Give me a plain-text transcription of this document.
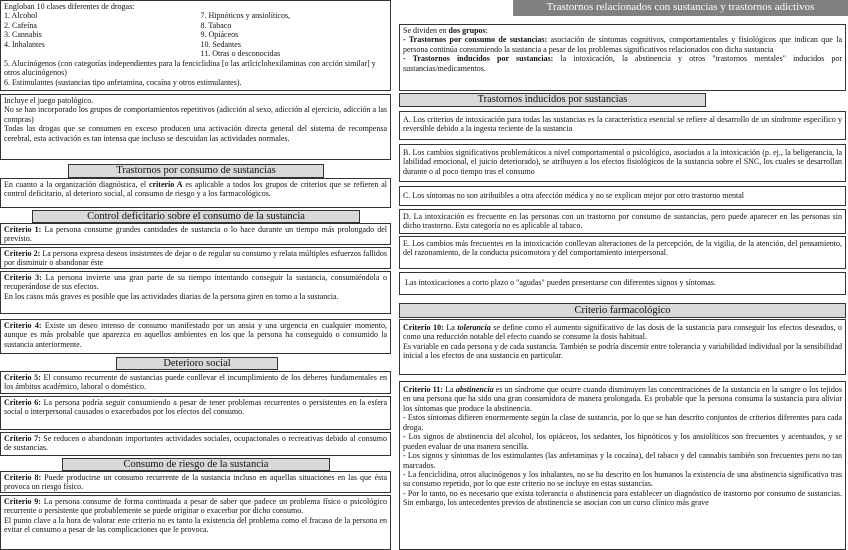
Engloban 10 clases diferentes de drogas:

1. Alcohol

2. Cafeína

3. Cannabis

4. Inhalantes

7. Hipnóticos y ansiolíticos,

8. Tabaco

9. Opiáceos

10. Sedantes

11. Otras o desconocidas

5. Alucinógenos (con categorías independientes para la fenciclidina [o las arilciclohexilaminas con acción similar] y otros alucinógenos)

6. Estimulantes (sustancias tipo anfetamina, cocaína y otros estimulantes).

Incluye el juego patológico.

No se han incorporado los grupos de comportamientos repetitivos (adicción al sexo, adicción al ejercicio, adicción a las compras)

Todas las drogas que se consumen en exceso producen una activación directa general del sistema de recompensa cerebral, esta activación es tan intensa que incluso se descuidan las actividades normales.

Trastornos por consumo de sustancias

En cuanto a la organización diagnóstica, el criterio A es aplicable a todos los grupos de criterios que se refieren al control deficitario, al deterioro social, al consumo de riesgo y a los farmacológicos.

Control deficitario sobre el consumo de la sustancia

Criterio 1: La persona consume grandes cantidades de sustancia o lo hace durante un tiempo más prolongado del previsto.

Criterio 2: La persona expresa deseos insistentes de dejar o de regular su consumo y relata múltiples esfuerzos fallidos por disminuir o abandonar éste

Criterio 3: La persona invierte una gran parte de su tiempo intentando conseguir la sustancia, consumiéndola o recuperándose de sus efectos.

En los casos más graves es posible que las actividades diarias de la persona giren en torno a la sustancia.

Criterio 4: Existe un deseo intenso de consumo manifestado por un ansia y una urgencia en cualquier momento, aunque es más probable que aparezca en aquellos ambientes en los que la persona ha conseguido o consumido la sustancia anteriormente.

Deterioro social

Criterio 5: El consumo recurrente de sustancias puede conllevar el incumplimiento de los deberes fundamentales en los ámbitos académico, laboral o doméstico.

Criterio 6: La persona podría seguir consumiendo a pesar de tener problemas recurrentes o persistentes en la esfera social o interpersonal causados o exacerbados por los efectos del consumo.

Criterio 7: Se reducen o abandonan importantes actividades sociales, ocupacionales o recreativas debido al consumo de sustancias.

Consumo de riesgo de la sustancia

Criterio 8: Puede producirse un consumo recurrente de la sustancia incluso en aquellas situaciones en las que ésta provoca un riesgo físico.

Criterio 9: La persona consume de forma continuada a pesar de saber que padece un problema físico o psicológico recurrente o persistente que probablemente se puede originar o exacerbar por dicho consumo.

El punto clave a la hora de valorar este criterio no es tanto la existencia del problema como el fracaso de la persona en evitar el consumo a pesar de las complicaciones que le provoca.

Trastornos relacionados con sustancias y trastornos adictivos

Se dividen en dos grupos:

- Trastornos por consumo de sustancias: asociación de síntomas cognitivos, comportamentales y fisiológicos que indican que la persona continúa consumiendo la sustancia a pesar de los problemas significativos relacionados con dicha sustancia

- Trastornos inducidos por sustancias: la intoxicación, la abstinencia y otros "trastornos mentales" inducidos por sustancias/medicamentos.

Trastornos inducidos por sustancias

A. Los criterios de intoxicación para todas las sustancias es la característica esencial se refiere al desarrollo de un síndrome específico y reversible debido a la ingesta reciente de la sustancia

B. Los cambios significativos problemáticos a nivel comportamental o psicológico, asociados a la intoxicación (p. ej., la beligerancia, la labilidad emocional, el juicio deteriorado), se atribuyen a los efectos fisiológicos de la sustancia sobre el SNC, los cuales se desarrollan durante o al poco tiempo tras el consumo

C. Los síntomas no son atribuibles a otra afección médica y no se explican mejor por otro trastorno mental

D. La intoxicación es frecuente en las personas con un trastorno por consumo de sustancias, pero puede aparecer en las personas sin dicho trastorno. Esta categoría no es aplicable al tabaco.

E. Los cambios más frecuentes en la intoxicación conllevan alteraciones de la percepción, de la vigilia, de la atención, del pensamiento, del razonamiento, de la conducta psicomotora y del comportamiento interpersonal.

Las intoxicaciones a corto plazo o "agudas" pueden presentarse con diferentes signos y síntomas.

Criterio farmacológico

Criterio 10: La tolerancia se define como el aumento significativo de las dosis de la sustancia para conseguir los efectos deseados, o como una reducción notable del efecto cuando se consume la dosis habitual.

Es variable en cada persona y de cada sustancia. También se podría discernir entre tolerancia y variabilidad individual por la sensibilidad inicial a los efectos de una sustancia en particular.

Criterio 11: La abstinencia es un síndrome que ocurre cuando disminuyen las concentraciones de la sustancia en la sangre o los tejidos en una persona que ha sido una gran consumidora de manera prolongada. Es probable que la persona consuma la sustancia para aliviar los síntomas que produce la abstinencia.

- Estos síntomas difieren enormemente según la clase de sustancia, por lo que se han descrito conjuntos de criterios diferentes para cada droga.

- Los signos de abstinencia del alcohol, los opiáceos, los sedantes, los hipnóticos y los ansiolíticos son frecuentes y acentuados, y se pueden evaluar de una manera sencilla.

- Los signos y síntomas de los estimulantes (las anfetaminas y la cocaína), del tabaco y del cannabis también son frecuentes pero no tan marcados.

- La fenciclidina, otros alucinógenos y los inhalantes, no se ha descrito en los humanos la existencia de una abstinencia significativa tras su consumo repetido, por lo que este criterio no se incluye en estas sustancias.

- Por lo tanto, no es necesario que exista tolerancia o abstinencia para establecer un diagnóstico de trastorno por consumo de sustancias. Sin embargo, los antecedentes previos de abstinencia se asocian con un curso clínico más grave
